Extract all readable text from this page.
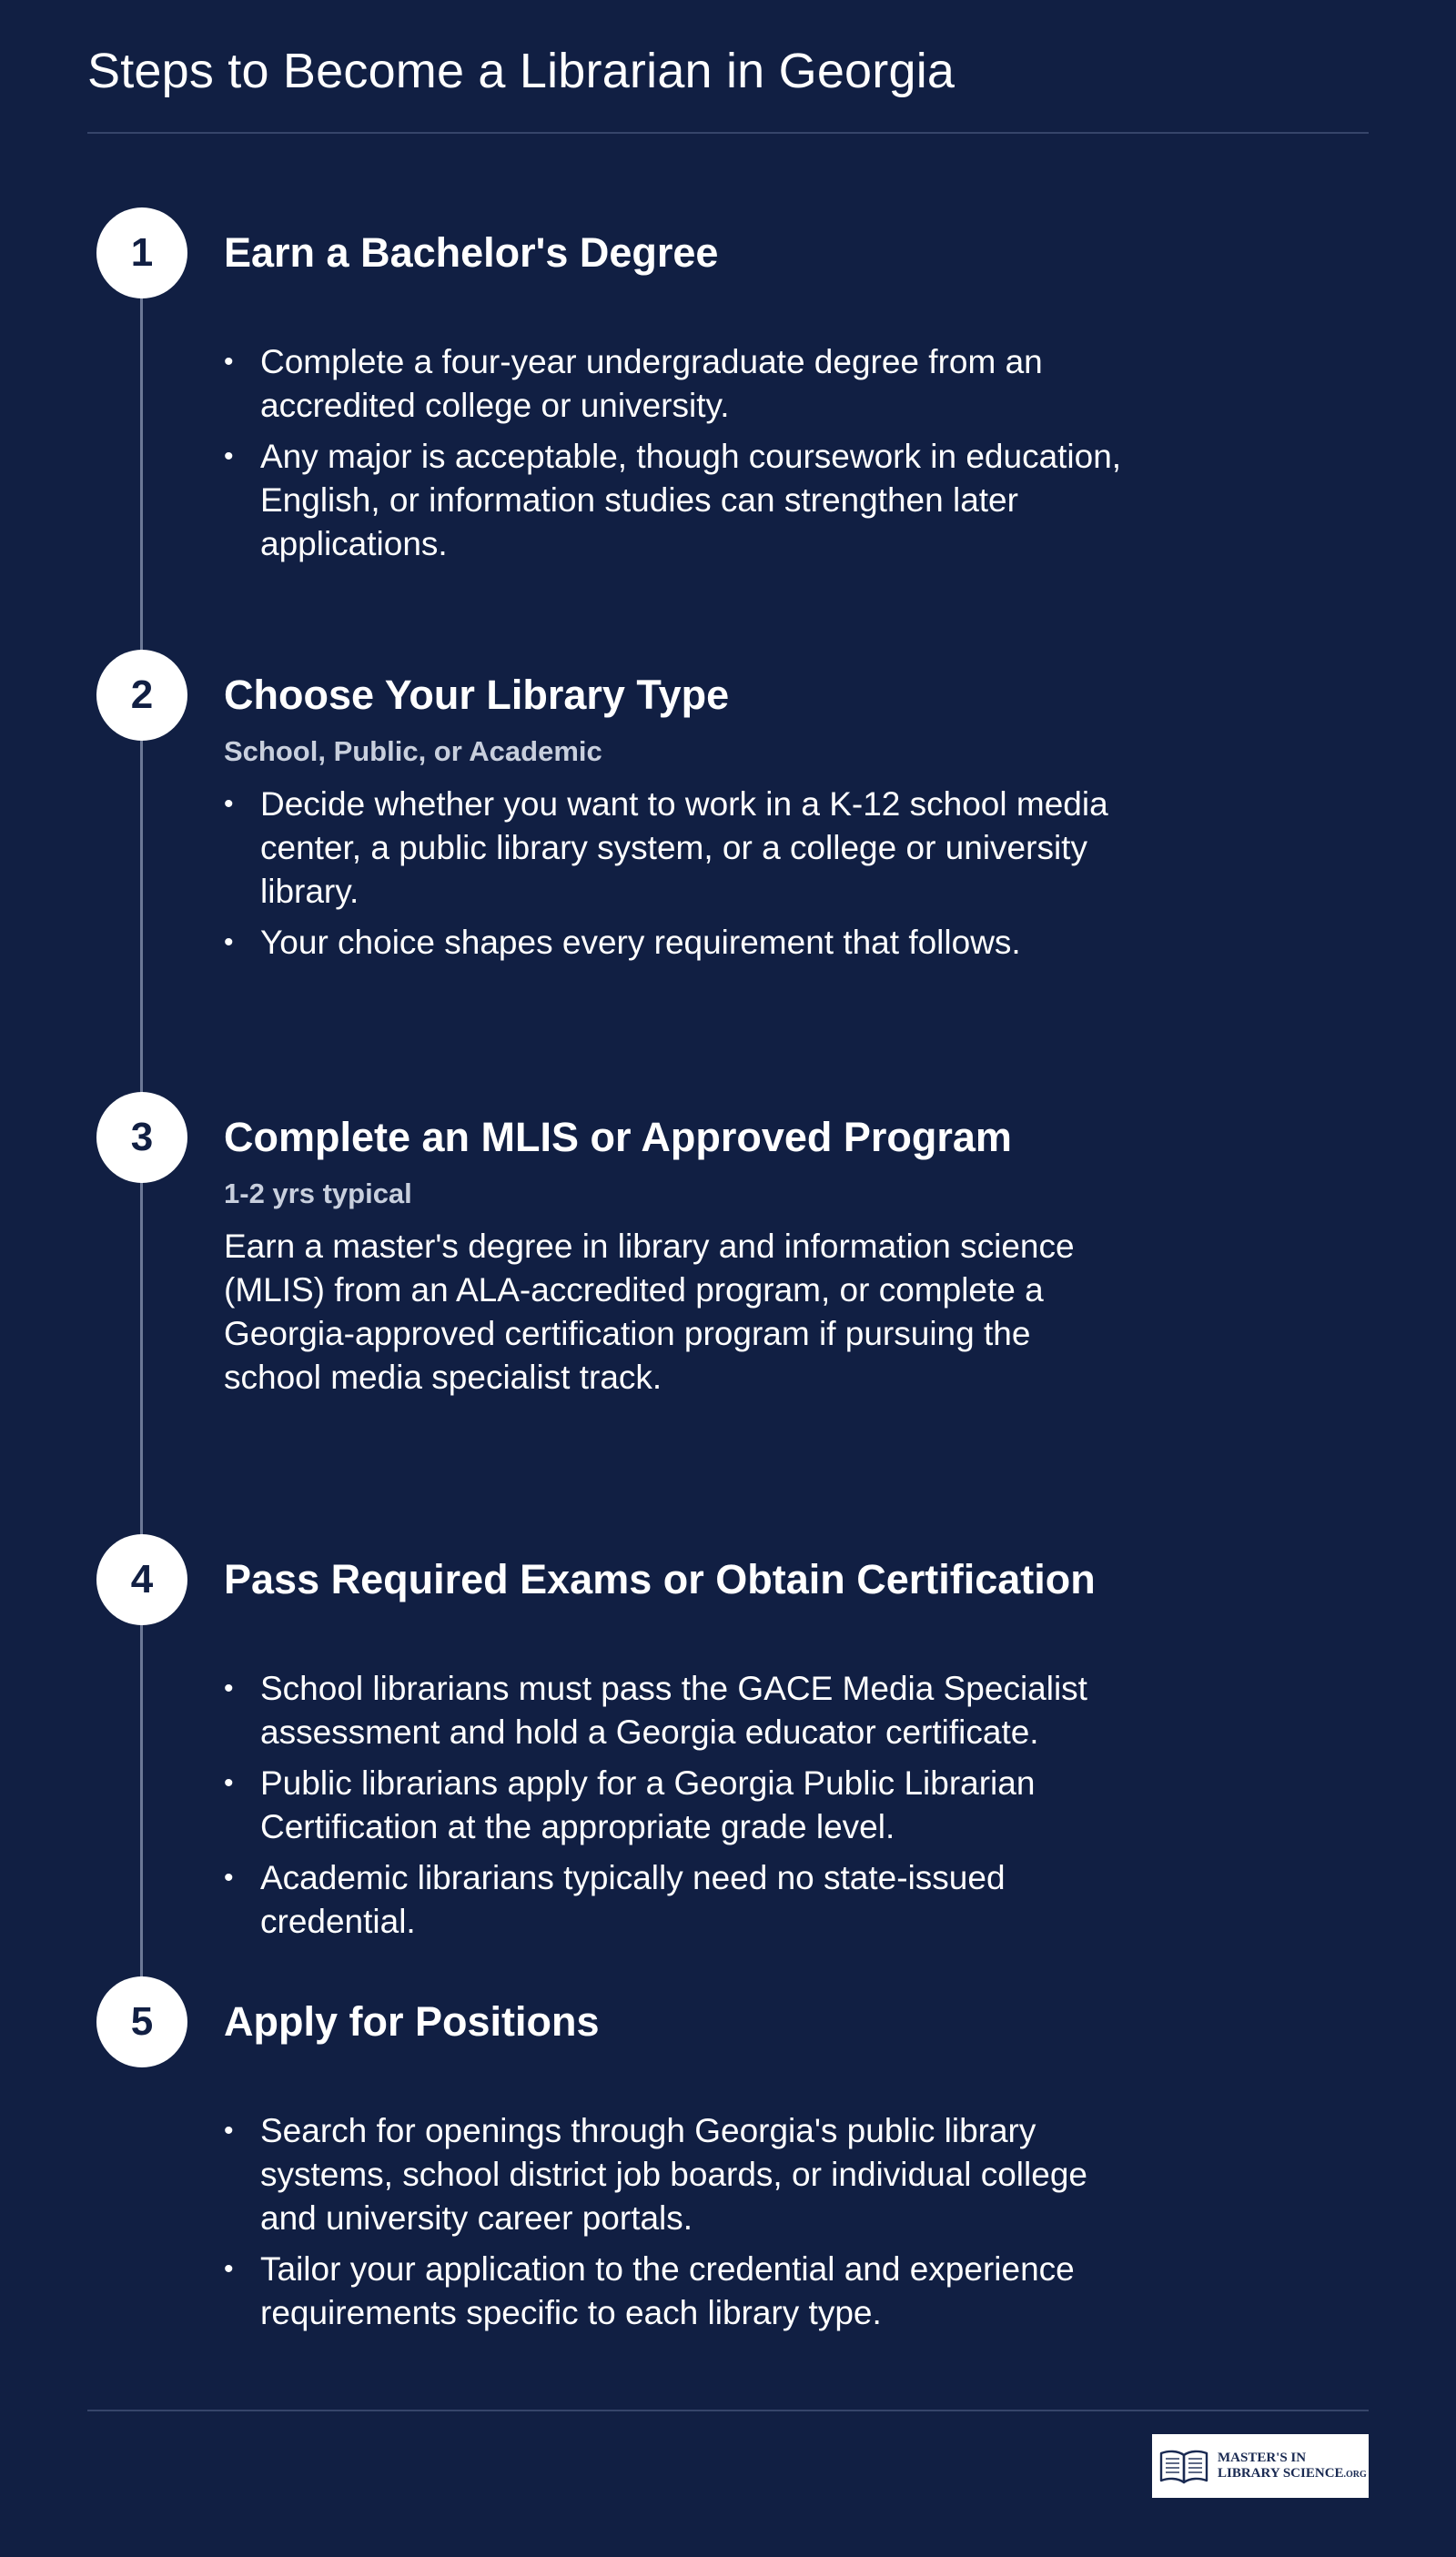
Steps to Become a Librarian in Georgia
1	Earn a Bachelor's Degree
• Complete a four-year undergraduate degree from an accredited college or university.
• Any major is acceptable, though coursework in education, English, or information studies can strengthen later applications.
2	Choose Your Library Type

School, Public, or Academic

• Decide whether you want to work in a K-12 school media center, a public library system, or a college or university library.
• Your choice shapes every requirement that follows.
3	Complete an MLIS or Approved Program

1-2 yrs typical

Earn a master's degree in library and information science (MLIS) from an ALA-accredited program, or complete a Georgia-approved certification program if pursuing the school media specialist track.

4	Pass Required Exams or Obtain Certification
• School librarians must pass the GACE Media Specialist assessment and hold a Georgia educator certificate.
• Public librarians apply for a Georgia Public Librarian Certification at the appropriate grade level.
• Academic librarians typically need no state-issued credential.
5	Apply for Positions
• Search for openings through Georgia's public library systems, school district job boards, or individual college and university career portals.
• Tailor your application to the credential and experience requirements specific to each library type.
MASTER'S IN
LIBRARY SCIENCE.ORG
